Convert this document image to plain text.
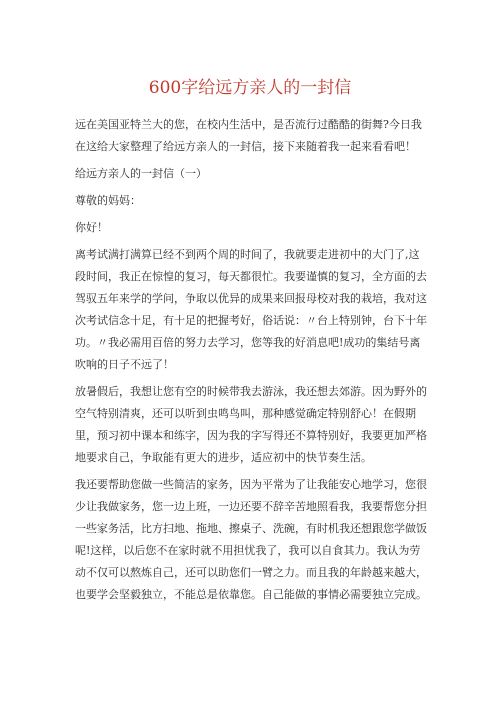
600字给远方亲人的一封信

远在美国亚特兰大的您，在校内生活中，是否流行过酷酷的街舞?今日我在这给大家整理了给远方亲人的一封信，接下来随着我一起来看看吧！

给远方亲人的一封信（一）

尊敬的妈妈：

你好！

离考试满打满算已经不到两个周的时间了，我就要走进初中的大门了,这段时间，我正在惊惶的复习，每天都很忙。我要谨慎的复习，全方面的去驾驭五年来学的学问，争取以优异的成果来回报母校对我的栽培，我对这次考试信念十足，有十足的把握考好，俗话说：〃台上特别钟，台下十年功。〃我必需用百倍的努力去学习，您等我的好消息吧!成功的集结号离吹响的日子不远了！

放暑假后，我想让您有空的时候带我去游泳，我还想去郊游。因为野外的空气特别清爽，还可以听到虫鸣鸟叫，那种感觉确定特别舒心！在假期里，预习初中课本和练字，因为我的字写得还不算特别好，我要更加严格地要求自己，争取能有更大的进步，适应初中的快节奏生活。

我还要帮助您做一些简洁的家务，因为平常为了让我能安心地学习，您很少让我做家务，您一边上班，一边还要不辞辛苦地照看我，我要帮您分担一些家务活，比方扫地、拖地、擦桌子、洗碗，有时机我还想跟您学做饭呢!这样，以后您不在家时就不用担忧我了，我可以自食其力。我认为劳动不仅可以熬炼自己，还可以助您们一臂之力。而且我的年龄越来越大，也要学会坚毅独立，不能总是依靠您。自己能做的事情必需要独立完成。
